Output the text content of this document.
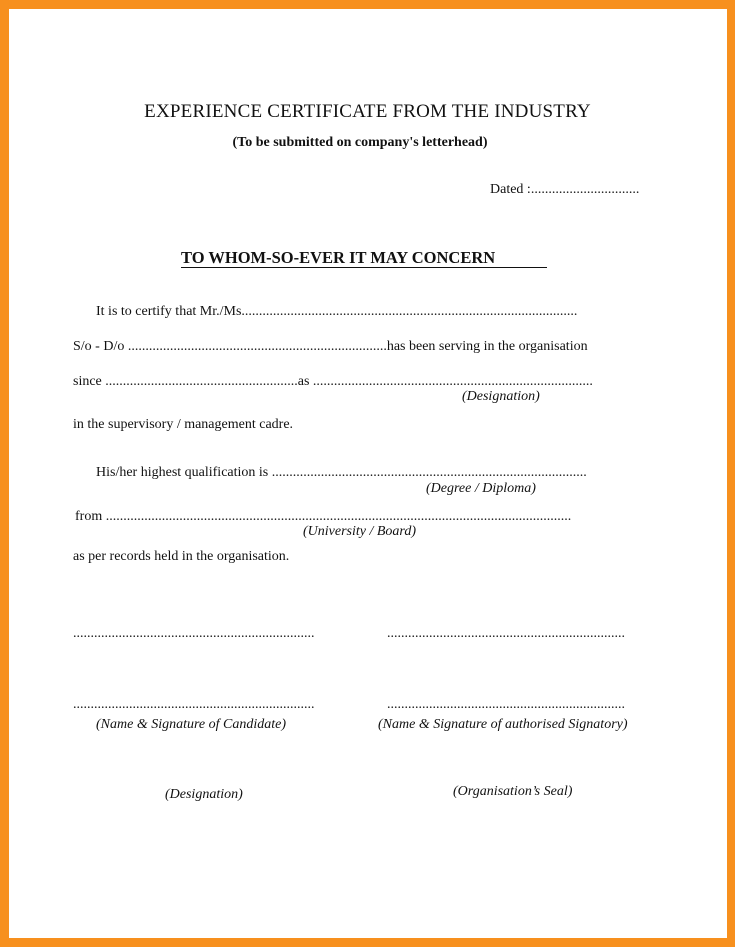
EXPERIENCE CERTIFICATE FROM THE INDUSTRY
(To be submitted on company's letterhead)
Dated :...............................
TO WHOM-SO-EVER IT MAY CONCERN
It is to certify that Mr./Ms................................................................................................
S/o - D/o ..........................................................................has been serving in the organisation
since .......................................................as ................................................................................
(Designation)
in the supervisory / management cadre.
His/her highest qualification is ..........................................................................................
(Degree / Diploma)
from .....................................................................................................................................
(University / Board)
as per records held in the organisation.
.....................................................................	....................................................................
.....................................................................	....................................................................
(Name & Signature of Candidate)	(Name & Signature of authorised Signatory)
(Designation)	(Organisation’s Seal)
